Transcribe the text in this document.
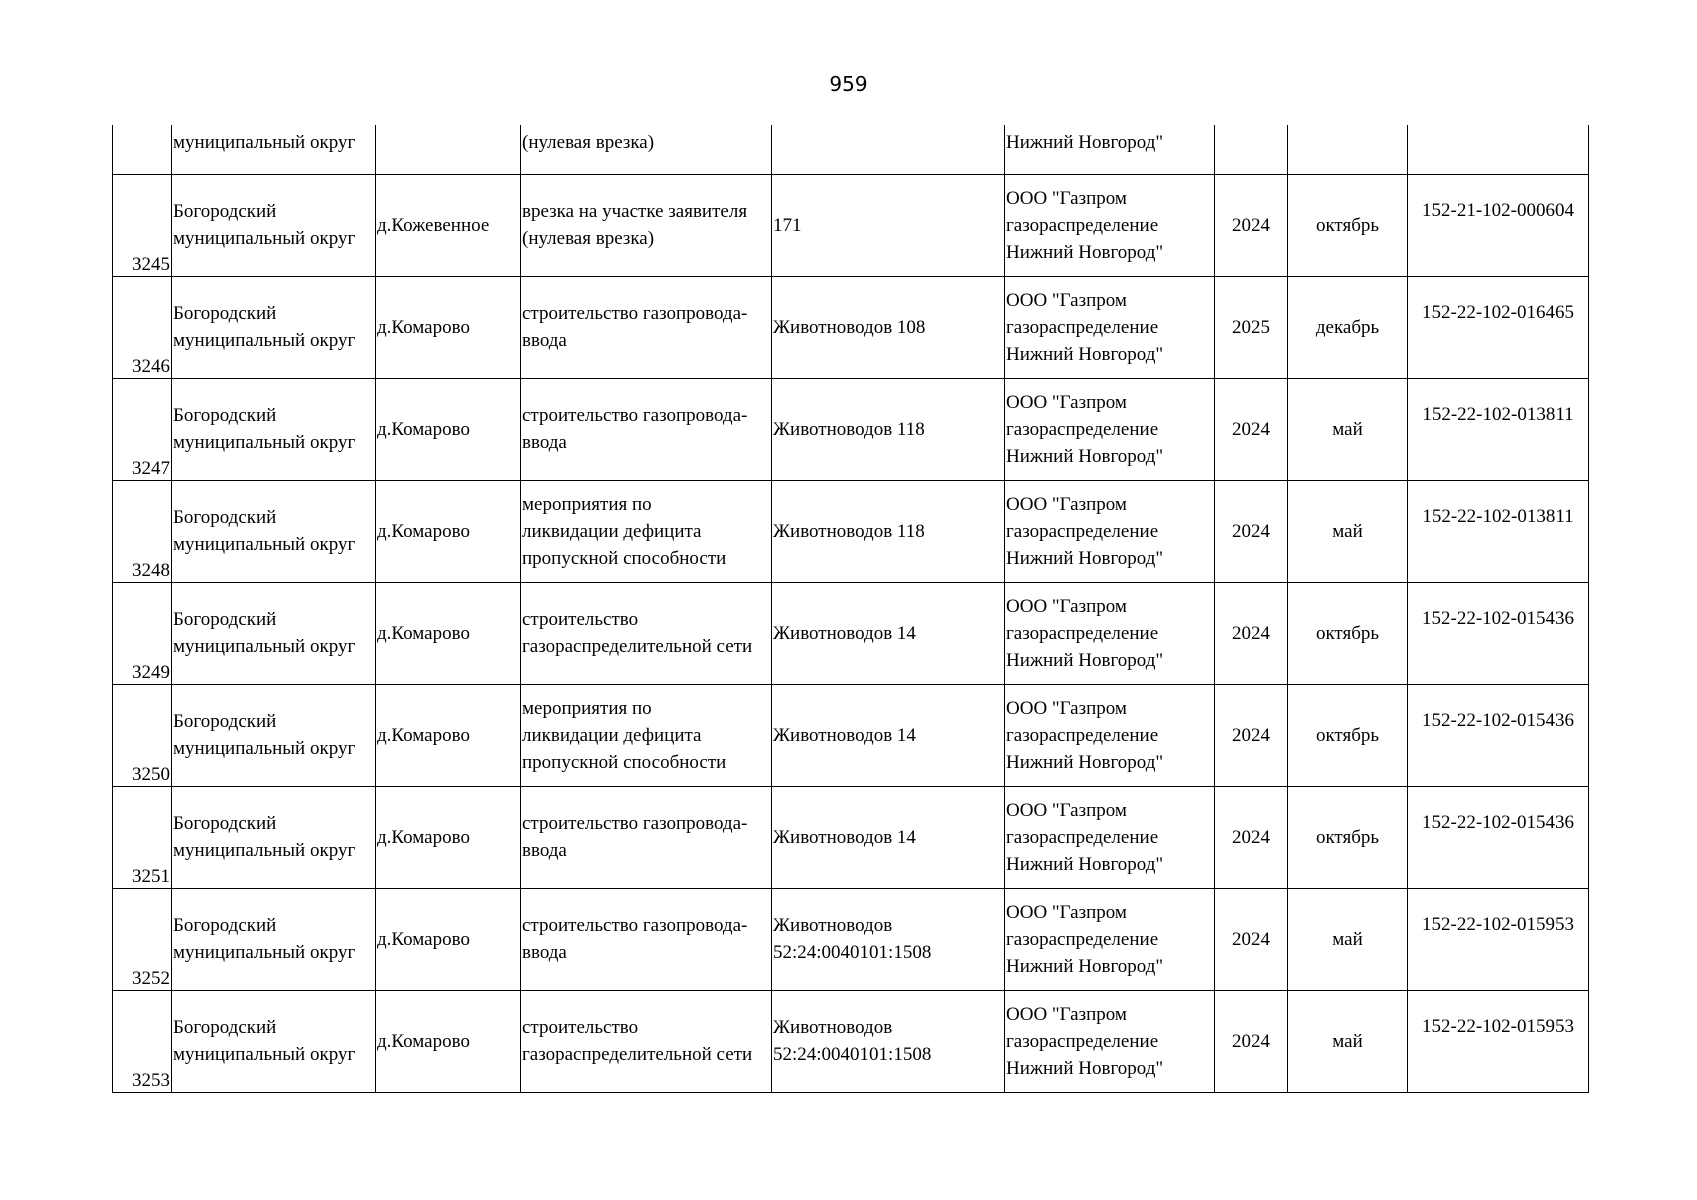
959
	муниципальный округ		(нулевая врезка)		Нижний Новгород"			
3245	Богородский
муниципальный округ	д.Кожевенное	врезка на участке заявителя
(нулевая врезка)	171	ООО "Газпром
газораспределение
Нижний Новгород"	2024	октябрь	152-21-102-000604
3246	Богородский
муниципальный округ	д.Комарово	строительство газопровода-
ввода	Животноводов 108	ООО "Газпром
газораспределение
Нижний Новгород"	2025	декабрь	152-22-102-016465
3247	Богородский
муниципальный округ	д.Комарово	строительство газопровода-
ввода	Животноводов 118	ООО "Газпром
газораспределение
Нижний Новгород"	2024	май	152-22-102-013811
3248	Богородский
муниципальный округ	д.Комарово	мероприятия по
ликвидации дефицита
пропускной способности	Животноводов 118	ООО "Газпром
газораспределение
Нижний Новгород"	2024	май	152-22-102-013811
3249	Богородский
муниципальный округ	д.Комарово	строительство
газораспределительной сети	Животноводов 14	ООО "Газпром
газораспределение
Нижний Новгород"	2024	октябрь	152-22-102-015436
3250	Богородский
муниципальный округ	д.Комарово	мероприятия по
ликвидации дефицита
пропускной способности	Животноводов 14	ООО "Газпром
газораспределение
Нижний Новгород"	2024	октябрь	152-22-102-015436
3251	Богородский
муниципальный округ	д.Комарово	строительство газопровода-
ввода	Животноводов 14	ООО "Газпром
газораспределение
Нижний Новгород"	2024	октябрь	152-22-102-015436
3252	Богородский
муниципальный округ	д.Комарово	строительство газопровода-
ввода	Животноводов
52:24:0040101:1508	ООО "Газпром
газораспределение
Нижний Новгород"	2024	май	152-22-102-015953
3253	Богородский
муниципальный округ	д.Комарово	строительство
газораспределительной сети	Животноводов
52:24:0040101:1508	ООО "Газпром
газораспределение
Нижний Новгород"	2024	май	152-22-102-015953
